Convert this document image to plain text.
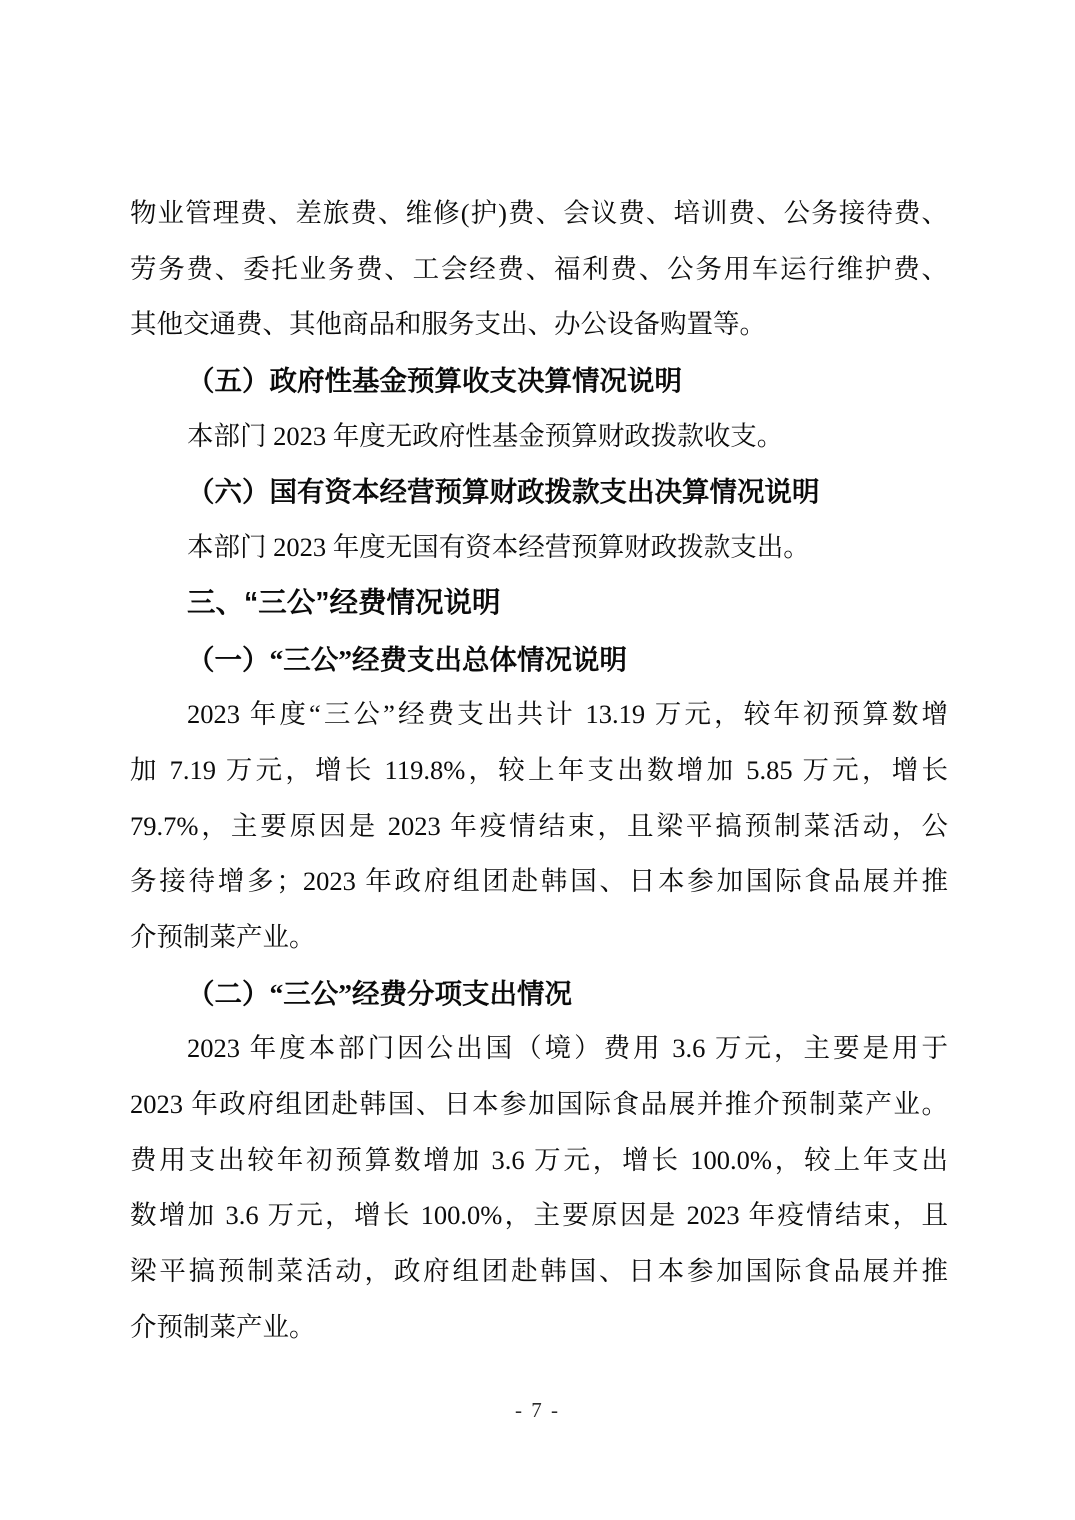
物业管理费、差旅费、维修(护)费、会议费、培训费、公务接待费、
劳务费、委托业务费、工会经费、福利费、公务用车运行维护费、
其他交通费、其他商品和服务支出、办公设备购置等。
（五）政府性基金预算收支决算情况说明
本部门 2023 年度无政府性基金预算财政拨款收支。
（六）国有资本经营预算财政拨款支出决算情况说明
本部门 2023 年度无国有资本经营预算财政拨款支出。
三、“三公”经费情况说明
（一）“三公”经费支出总体情况说明
2023 年度“三公”经费支出共计 13.19 万元，较年初预算数增
加 7.19 万元，增长 119.8%，较上年支出数增加 5.85 万元，增长
79.7%，主要原因是 2023 年疫情结束，且梁平搞预制菜活动，公
务接待增多；2023 年政府组团赴韩国、日本参加国际食品展并推
介预制菜产业。
（二）“三公”经费分项支出情况
2023 年度本部门因公出国（境）费用 3.6 万元，主要是用于
2023 年政府组团赴韩国、日本参加国际食品展并推介预制菜产业。
费用支出较年初预算数增加 3.6 万元，增长 100.0%，较上年支出
数增加 3.6 万元，增长 100.0%，主要原因是 2023 年疫情结束，且
梁平搞预制菜活动，政府组团赴韩国、日本参加国际食品展并推
介预制菜产业。
- 7 -
